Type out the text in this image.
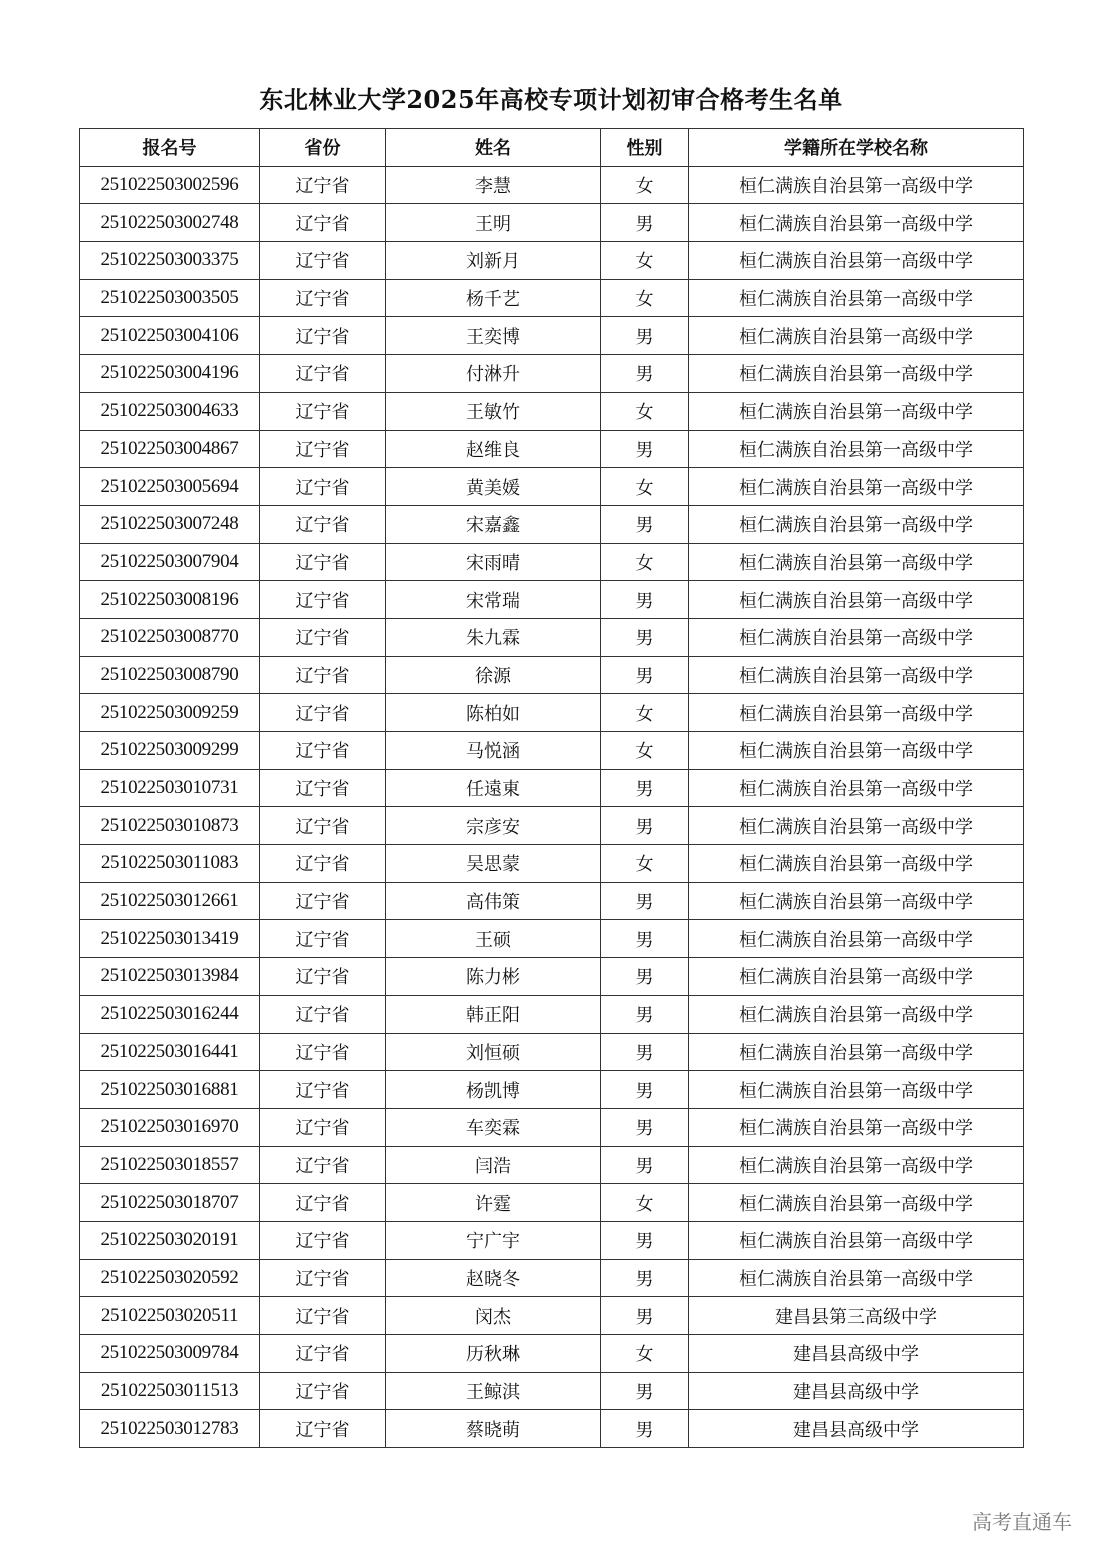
东北林业大学2025年高校专项计划初审合格考生名单
报名号	省份	姓名	性别	学籍所在学校名称
251022503002596	辽宁省	李慧	女	桓仁满族自治县第一高级中学
251022503002748	辽宁省	王明	男	桓仁满族自治县第一高级中学
251022503003375	辽宁省	刘新月	女	桓仁满族自治县第一高级中学
251022503003505	辽宁省	杨千艺	女	桓仁满族自治县第一高级中学
251022503004106	辽宁省	王奕博	男	桓仁满族自治县第一高级中学
251022503004196	辽宁省	付淋升	男	桓仁满族自治县第一高级中学
251022503004633	辽宁省	王敏竹	女	桓仁满族自治县第一高级中学
251022503004867	辽宁省	赵维良	男	桓仁满族自治县第一高级中学
251022503005694	辽宁省	黄美媛	女	桓仁满族自治县第一高级中学
251022503007248	辽宁省	宋嘉鑫	男	桓仁满族自治县第一高级中学
251022503007904	辽宁省	宋雨晴	女	桓仁满族自治县第一高级中学
251022503008196	辽宁省	宋常瑞	男	桓仁满族自治县第一高级中学
251022503008770	辽宁省	朱九霖	男	桓仁满族自治县第一高级中学
251022503008790	辽宁省	徐源	男	桓仁满族自治县第一高级中学
251022503009259	辽宁省	陈柏如	女	桓仁满族自治县第一高级中学
251022503009299	辽宁省	马悦涵	女	桓仁满族自治县第一高级中学
251022503010731	辽宁省	任遠東	男	桓仁满族自治县第一高级中学
251022503010873	辽宁省	宗彦安	男	桓仁满族自治县第一高级中学
251022503011083	辽宁省	吴思蒙	女	桓仁满族自治县第一高级中学
251022503012661	辽宁省	高伟策	男	桓仁满族自治县第一高级中学
251022503013419	辽宁省	王硕	男	桓仁满族自治县第一高级中学
251022503013984	辽宁省	陈力彬	男	桓仁满族自治县第一高级中学
251022503016244	辽宁省	韩正阳	男	桓仁满族自治县第一高级中学
251022503016441	辽宁省	刘恒硕	男	桓仁满族自治县第一高级中学
251022503016881	辽宁省	杨凯博	男	桓仁满族自治县第一高级中学
251022503016970	辽宁省	车奕霖	男	桓仁满族自治县第一高级中学
251022503018557	辽宁省	闫浩	男	桓仁满族自治县第一高级中学
251022503018707	辽宁省	许霆	女	桓仁满族自治县第一高级中学
251022503020191	辽宁省	宁广宇	男	桓仁满族自治县第一高级中学
251022503020592	辽宁省	赵晓冬	男	桓仁满族自治县第一高级中学
251022503020511	辽宁省	闵杰	男	建昌县第三高级中学
251022503009784	辽宁省	历秋琳	女	建昌县高级中学
251022503011513	辽宁省	王鲸淇	男	建昌县高级中学
251022503012783	辽宁省	蔡晓萌	男	建昌县高级中学
高考直通车
